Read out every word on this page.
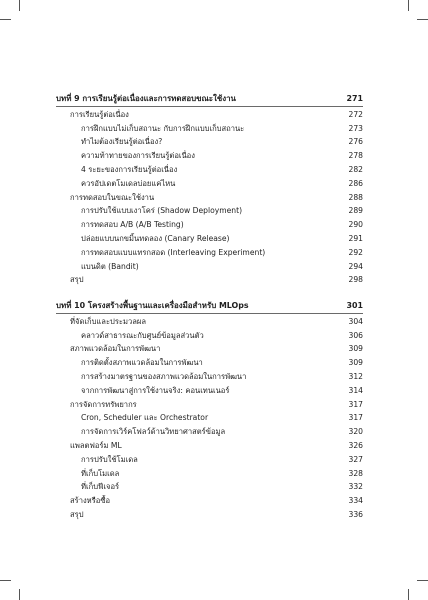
บทที่ 9 การเรียนรู้ต่อเนื่องและการทดสอบขณะใช้งาน	271
การเรียนรู้ต่อเนื่อง	272
การฝึกแบบไม่เก็บสถานะ กับการฝึกแบบเก็บสถานะ	273
ทำไมต้องเรียนรู้ต่อเนื่อง?	276
ความท้าทายของการเรียนรู้ต่อเนื่อง	278
4 ระยะของการเรียนรู้ต่อเนื่อง	282
ควรอัปเดตโมเดลบ่อยแค่ไหน	286
การทดสอบในขณะใช้งาน	288
การปรับใช้แบบเงาโคร่ (Shadow Deployment)	289
การทดสอบ A/B (A/B Testing)	290
ปล่อยแบบนกขมิ้นทดลอง (Canary Release)	291
การทดสอบแบบแทรกสอด (Interleaving Experiment)	292
แบนดิต (Bandit)	294
สรุป	298
บทที่ 10 โครงสร้างพื้นฐานและเครื่องมือสำหรับ MLOps	301
ที่จัดเก็บและประมวลผล	304
คลาวด์สาธารณะกับศูนย์ข้อมูลส่วนตัว	306
สภาพแวดล้อมในการพัฒนา	309
การติดตั้งสภาพแวดล้อมในการพัฒนา	309
การสร้างมาตรฐานของสภาพแวดล้อมในการพัฒนา	312
จากการพัฒนาสู่การใช้งานจริง: คอนเทนเนอร์	314
การจัดการทรัพยากร	317
Cron, Scheduler และ Orchestrator	317
การจัดการเวิร์คโฟลว์ด้านวิทยาศาสตร์ข้อมูล	320
แพลตฟอร์ม ML	326
การปรับใช้โมเดล	327
ที่เก็บโมเดล	328
ที่เก็บฟีเจอร์	332
สร้างหรือซื้อ	334
สรุป	336
